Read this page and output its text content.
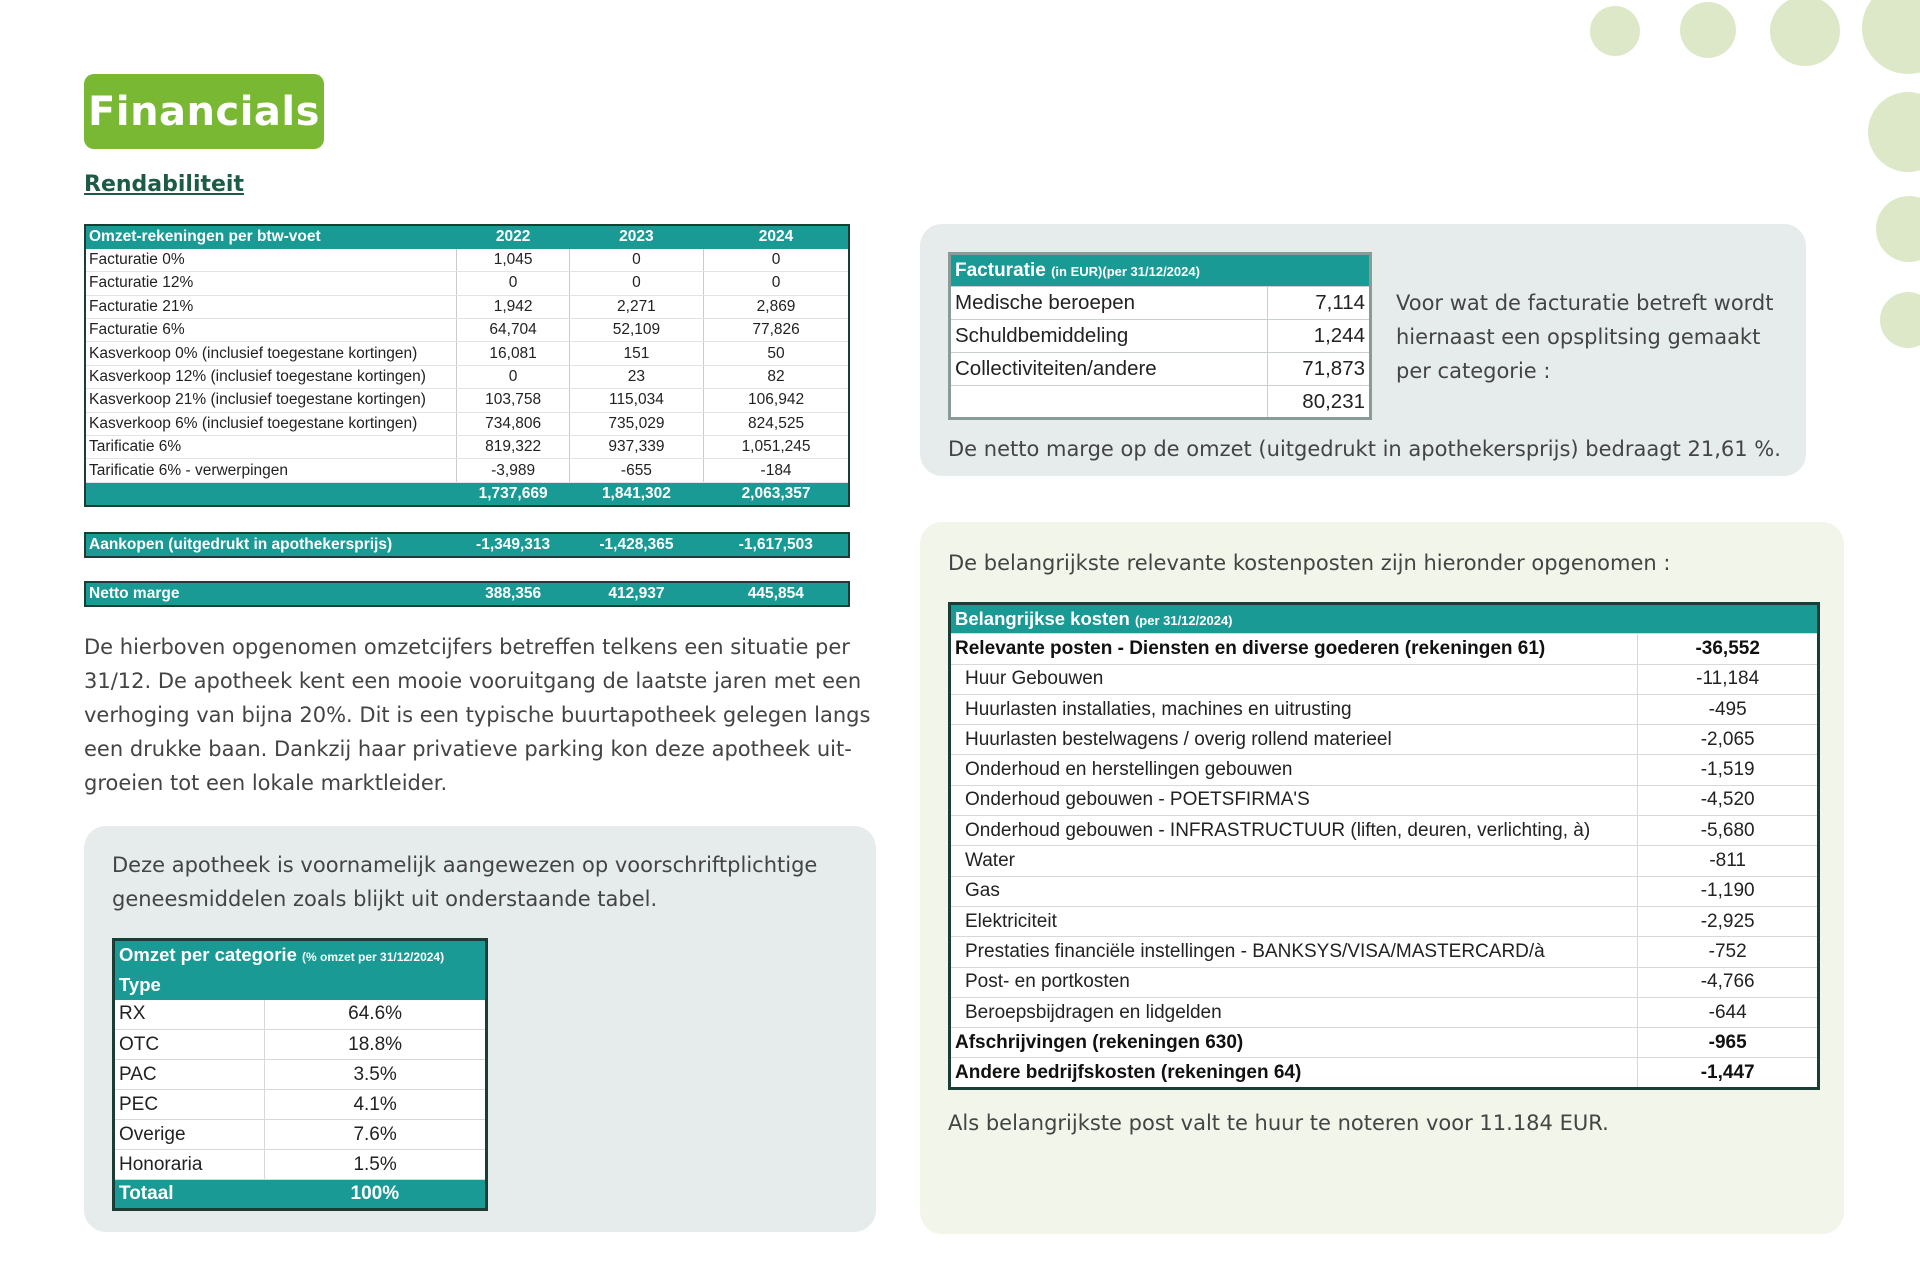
Financials
Rendabiliteit
Omzet-rekeningen per btw-voet	2022	2023	2024
Facturatie 0%	1,045	0	0
Facturatie 12%	0	0	0
Facturatie 21%	1,942	2,271	2,869
Facturatie 6%	64,704	52,109	77,826
Kasverkoop 0% (inclusief toegestane kortingen)	16,081	151	50
Kasverkoop 12% (inclusief toegestane kortingen)	0	23	82
Kasverkoop 21% (inclusief toegestane kortingen)	103,758	115,034	106,942
Kasverkoop 6% (inclusief toegestane kortingen)	734,806	735,029	824,525
Tarificatie 6%	819,322	937,339	1,051,245
Tarificatie 6% - verwerpingen	-3,989	-655	-184
	1,737,669	1,841,302	2,063,357
Aankopen (uitgedrukt in apothekersprijs)	-1,349,313	-1,428,365	-1,617,503
Netto marge	388,356	412,937	445,854
De hierboven opgenomen omzetcijfers betreffen telkens een situatie per 31/12. De apotheek kent een mooie vooruitgang de laatste jaren met een verhoging van bijna 20%. Dit is een typische buurtapotheek gelegen langs een drukke baan. Dankzij haar privatieve parking kon deze apotheek uit-groeien tot een lokale marktleider.
Deze apotheek is voornamelijk aangewezen op voorschriftplichtige geneesmiddelen zoals blijkt uit onderstaande tabel.
Omzet per categorie (% omzet per 31/12/2024)	
Type	
RX	64.6%
OTC	18.8%
PAC	3.5%
PEC	4.1%
Overige	7.6%
Honoraria	1.5%
Totaal	100%
Facturatie (in EUR)(per 31/12/2024)	
Medische beroepen	7,114
Schuldbemiddeling	1,244
Collectiviteiten/andere	71,873
	80,231
Voor wat de facturatie betreft wordt hiernaast een opsplitsing gemaakt per categorie :
De netto marge op de omzet (uitgedrukt in apothekersprijs) bedraagt 21,61 %.
De belangrijkste relevante kostenposten zijn hieronder opgenomen :
Belangrijkse kosten (per 31/12/2024)	
Relevante posten - Diensten en diverse goederen (rekeningen 61)	-36,552
Huur Gebouwen	-11,184
Huurlasten installaties, machines en uitrusting	-495
Huurlasten bestelwagens / overig rollend materieel	-2,065
Onderhoud en herstellingen gebouwen	-1,519
Onderhoud gebouwen - POETSFIRMA'S	-4,520
Onderhoud gebouwen - INFRASTRUCTUUR (liften, deuren, verlichting, à)	-5,680
Water	-811
Gas	-1,190
Elektriciteit	-2,925
Prestaties financiële instellingen - BANKSYS/VISA/MASTERCARD/à	-752
Post- en portkosten	-4,766
Beroepsbijdragen en lidgelden	-644
Afschrijvingen (rekeningen 630)	-965
Andere bedrijfskosten (rekeningen 64)	-1,447
Als belangrijkste post valt te huur te noteren voor 11.184 EUR.
